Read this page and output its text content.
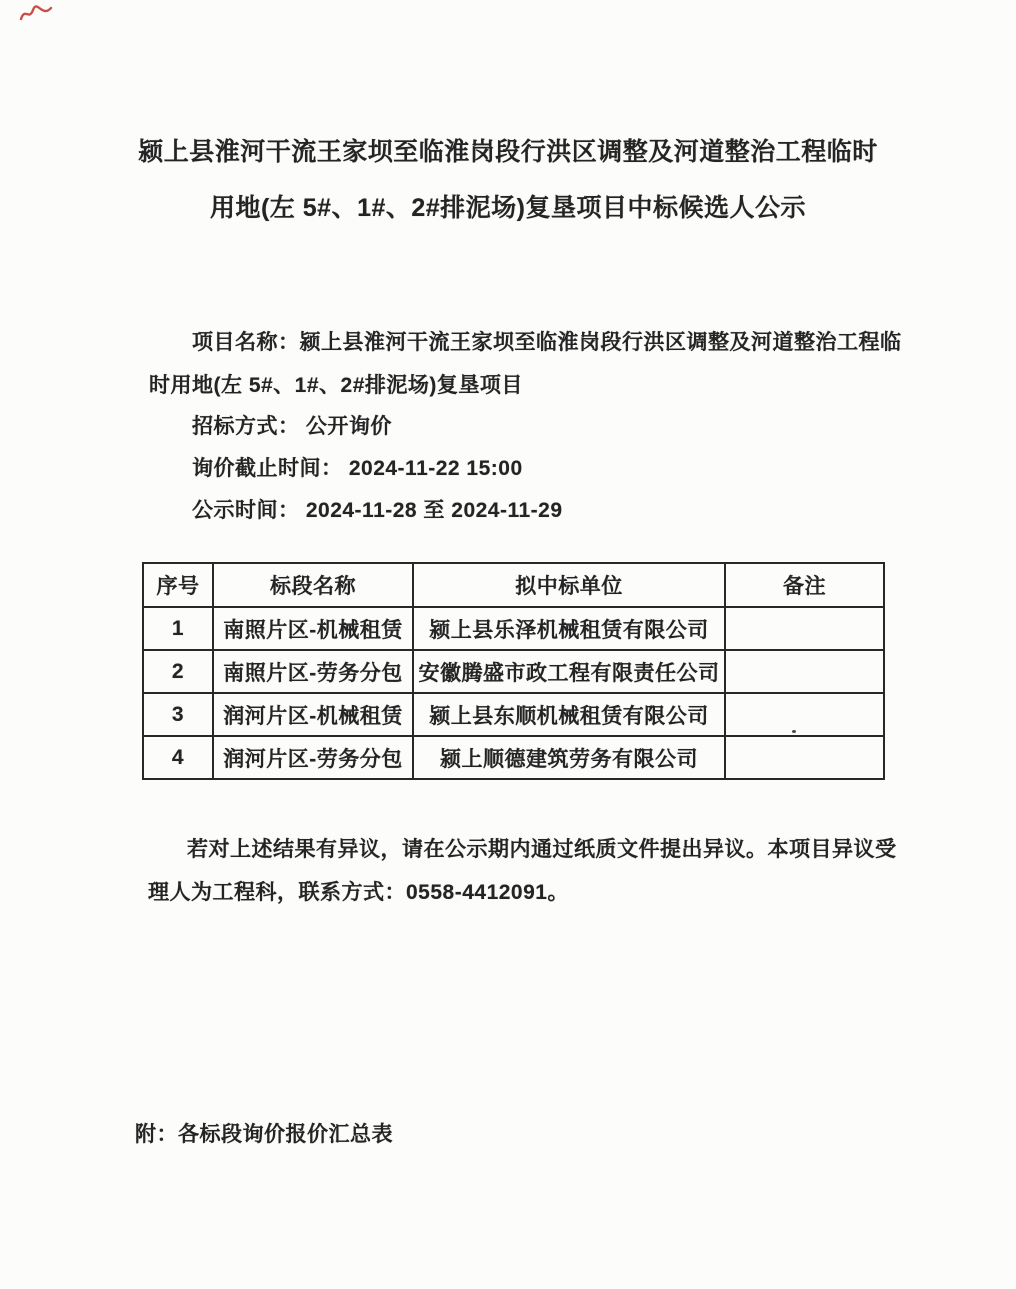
颍上县淮河干流王家坝至临淮岗段行洪区调整及河道整治工程临时
用地(左 5#、1#、2#排泥场)复垦项目中标候选人公示
项目名称：颍上县淮河干流王家坝至临淮岗段行洪区调整及河道整治工程临
时用地(左 5#、1#、2#排泥场)复垦项目
招标方式： 公开询价
询价截止时间： 2024-11-22 15:00
公示时间： 2024-11-28 至 2024-11-29
序号	标段名称	拟中标单位	备注
1	南照片区-机械租赁	颍上县乐泽机械租赁有限公司	
2	南照片区-劳务分包	安徽腾盛市政工程有限责任公司	
3	润河片区-机械租赁	颍上县东顺机械租赁有限公司	
4	润河片区-劳务分包	颍上顺德建筑劳务有限公司	
若对上述结果有异议，请在公示期内通过纸质文件提出异议。本项目异议受
理人为工程科，联系方式：0558-4412091。
附：各标段询价报价汇总表
